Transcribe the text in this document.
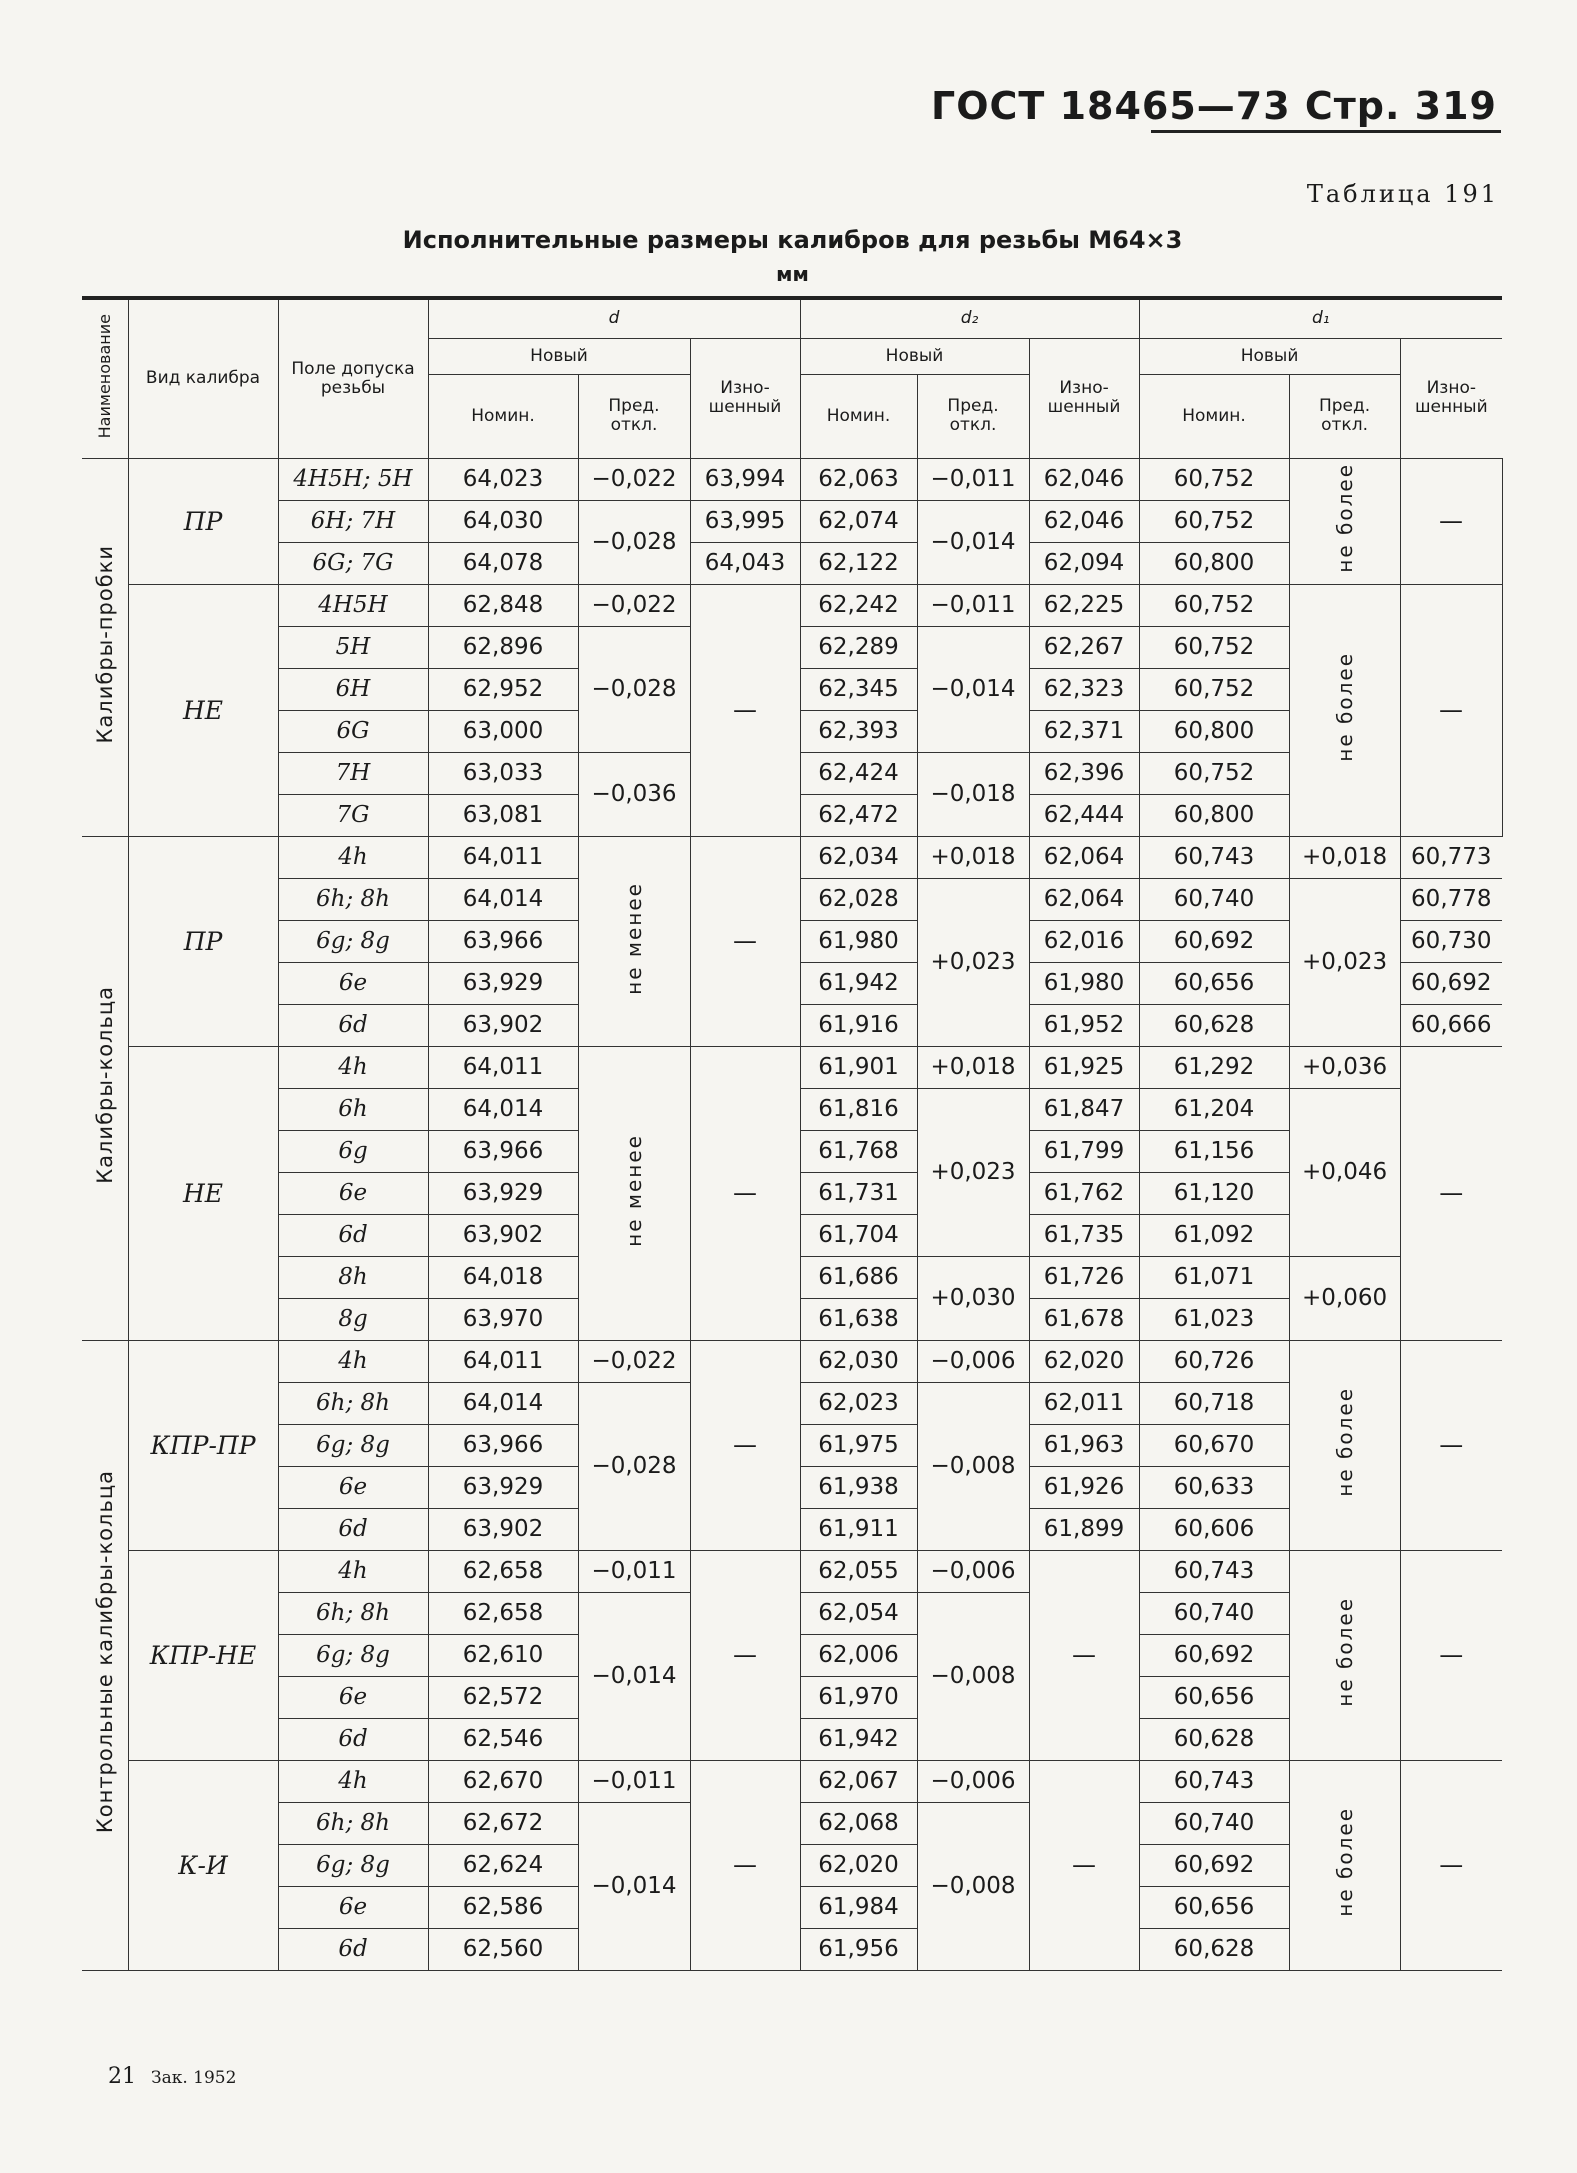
ГОСТ 18465—73 Стр. 319
Таблица 191
Исполнительные размеры калибров для резьбы М64×3
мм
Наименование	Вид калибра	Поле допуска резьбы	d			d₂			d₁		
			Новый		Изно-шенный	Новый		Изно-шенный	Новый		Изно-шенный
			Номин.	Пред. откл.		Номин.	Пред. откл.		Номин.	Пред. откл.	
Калибры-пробки	ПР	4H5H; 5H	64,023	−0,022	63,994	62,063	−0,011	62,046	60,752	не более	—
		6H; 7H	64,030	−0,028	63,995	62,074	−0,014	62,046	60,752		
		6G; 7G	64,078		64,043	62,122		62,094	60,800		
	НЕ	4H5H	62,848	−0,022	—	62,242	−0,011	62,225	60,752	не более	—
		5H	62,896	−0,028		62,289	−0,014	62,267	60,752		
		6H	62,952			62,345		62,323	60,752		
		6G	63,000			62,393		62,371	60,800		
		7H	63,033	−0,036		62,424	−0,018	62,396	60,752		
		7G	63,081			62,472		62,444	60,800		
Калибры-кольца	ПР	4h	64,011	не менее	—	62,034	+0,018	62,064	60,743	+0,018	60,773
		6h; 8h	64,014			62,028	+0,023	62,064	60,740	+0,023	60,778
		6g; 8g	63,966			61,980		62,016	60,692		60,730
		6e	63,929			61,942		61,980	60,656		60,692
		6d	63,902			61,916		61,952	60,628		60,666
	НЕ	4h	64,011	не менее	—	61,901	+0,018	61,925	61,292	+0,036	—
		6h	64,014			61,816	+0,023	61,847	61,204	+0,046	
		6g	63,966			61,768		61,799	61,156		
		6e	63,929			61,731		61,762	61,120		
		6d	63,902			61,704		61,735	61,092		
		8h	64,018			61,686	+0,030	61,726	61,071	+0,060	
		8g	63,970			61,638		61,678	61,023		
Контрольные калибры-кольца	КПР-ПР	4h	64,011	−0,022	—	62,030	−0,006	62,020	60,726	не более	—
		6h; 8h	64,014	−0,028		62,023	−0,008	62,011	60,718		
		6g; 8g	63,966			61,975		61,963	60,670		
		6e	63,929			61,938		61,926	60,633		
		6d	63,902			61,911		61,899	60,606		
	КПР-НЕ	4h	62,658	−0,011	—	62,055	−0,006	—	60,743	не более	—
		6h; 8h	62,658	−0,014		62,054	−0,008		60,740		
		6g; 8g	62,610			62,006			60,692		
		6e	62,572			61,970			60,656		
		6d	62,546			61,942			60,628		
	К-И	4h	62,670	−0,011	—	62,067	−0,006	—	60,743	не более	—
		6h; 8h	62,672	−0,014		62,068	−0,008		60,740		
		6g; 8g	62,624			62,020			60,692		
		6e	62,586			61,984			60,656		
		6d	62,560			61,956			60,628		
21 Зак. 1952
